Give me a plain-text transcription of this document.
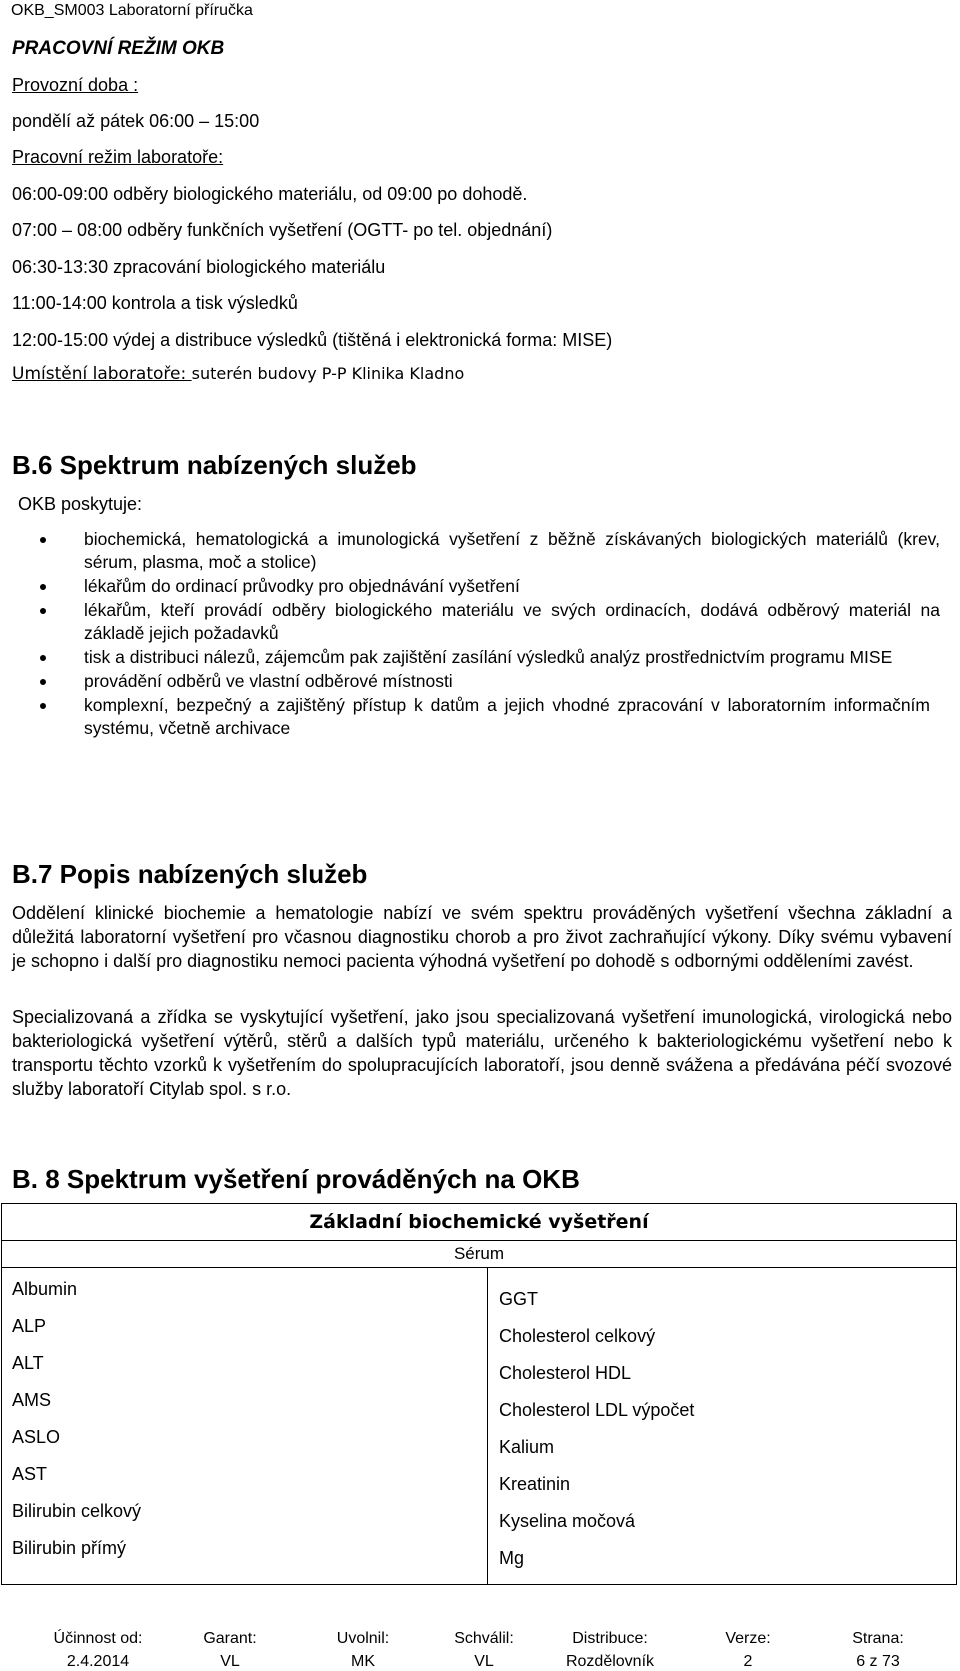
OKB_SM003 Laboratorní příručka
PRACOVNÍ REŽIM OKB
Provozní doba :
pondělí až pátek 06:00 – 15:00
Pracovní režim laboratoře:
06:00-09:00 odběry biologického materiálu, od 09:00 po dohodě.
07:00 – 08:00 odběry funkčních vyšetření (OGTT- po tel. objednání)
06:30-13:30 zpracování biologického materiálu
11:00-14:00 kontrola a tisk výsledků
12:00-15:00 výdej a distribuce výsledků (tištěná i elektronická forma: MISE)
Umístění laboratoře: suterén budovy P-P Klinika Kladno
B.6 Spektrum nabízených služeb
OKB poskytuje:
biochemická, hematologická a imunologická vyšetření z běžně získávaných biologických materiálů (krev, sérum, plasma, moč a stolice)
lékařům do ordinací průvodky pro objednávání vyšetření
lékařům, kteří provádí odběry biologického materiálu ve svých ordinacích, dodává odběrový materiál na základě jejich požadavků
tisk a distribuci nálezů, zájemcům pak zajištění zasílání výsledků analýz prostřednictvím programu MISE
provádění odběrů ve vlastní odběrové místnosti
komplexní, bezpečný a zajištěný přístup k datům a jejich vhodné zpracování v laboratorním informačním systému, včetně archivace
B.7 Popis nabízených služeb
Oddělení klinické biochemie a hematologie nabízí ve svém spektru prováděných vyšetření všechna základní a důležitá laboratorní vyšetření pro včasnou diagnostiku chorob a pro život zachraňující výkony. Díky svému vybavení je schopno i další pro diagnostiku nemoci pacienta výhodná vyšetření po dohodě s odbornými odděleními zavést.
Specializovaná a zřídka se vyskytující vyšetření, jako jsou specializovaná vyšetření imunologická, virologická nebo bakteriologická vyšetření výtěrů, stěrů a dalších typů materiálu, určeného k bakteriologickému vyšetření nebo k transportu těchto vzorků k vyšetřením do spolupracujících laboratoří, jsou denně svážena a předávána péčí svozové služby laboratoří Citylab spol. s r.o.
B. 8 Spektrum vyšetření prováděných na OKB
Základní biochemické vyšetření
Sérum

Albumin
ALP
ALT
AMS
ASLO
AST
Bilirubin celkový
Bilirubin přímý

GGT
Cholesterol celkový
Cholesterol HDL
Cholesterol LDL výpočet
Kalium
Kreatinin
Kyselina močová
Mg
Účinnost od:
2.4.2014
Garant:
VL
Uvolnil:
MK
Schválil:
VL
Distribuce:
Rozdělovník
Verze:
2
Strana:
6 z 73
